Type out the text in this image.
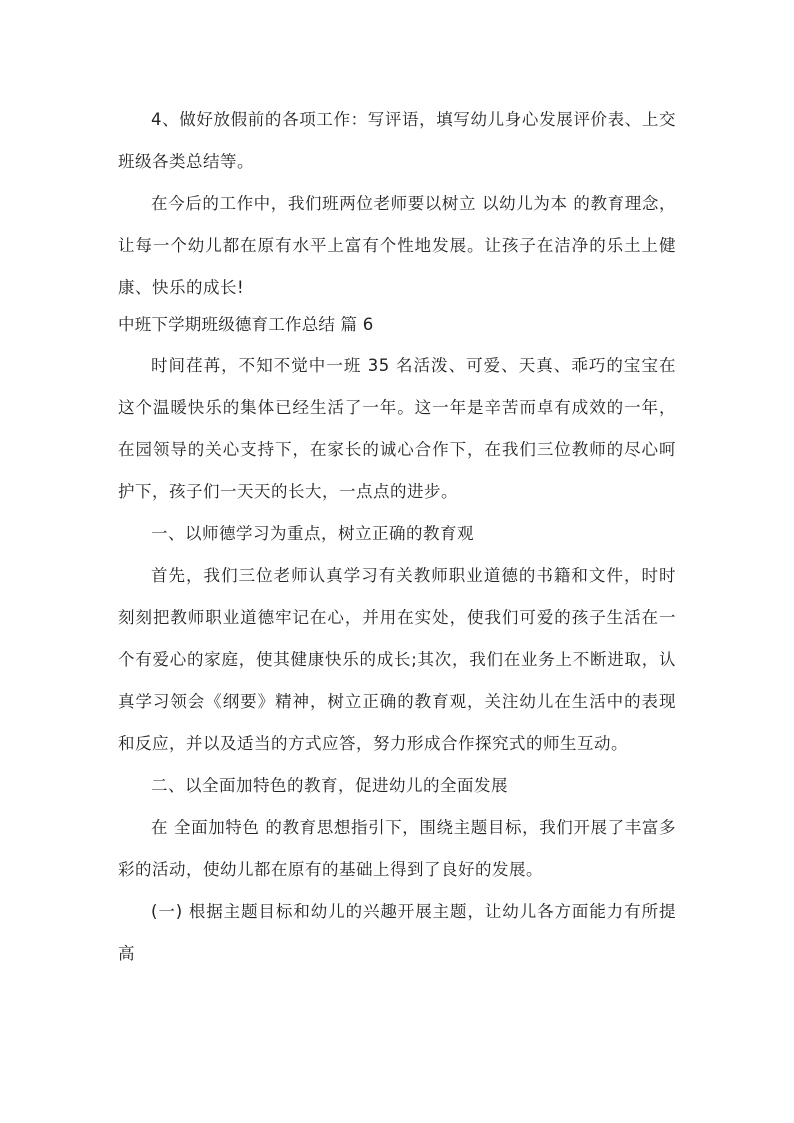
4、做好放假前的各项工作：写评语，填写幼儿身心发展评价表、上交班级各类总结等。

在今后的工作中，我们班两位老师要以树立 以幼儿为本 的教育理念，让每一个幼儿都在原有水平上富有个性地发展。让孩子在洁净的乐土上健康、快乐的成长!

中班下学期班级德育工作总结 篇 6

时间荏苒，不知不觉中一班 35 名活泼、可爱、天真、乖巧的宝宝在这个温暖快乐的集体已经生活了一年。这一年是辛苦而卓有成效的一年，在园领导的关心支持下，在家长的诚心合作下，在我们三位教师的尽心呵护下，孩子们一天天的长大，一点点的进步。

一、以师德学习为重点，树立正确的教育观

首先，我们三位老师认真学习有关教师职业道德的书籍和文件，时时刻刻把教师职业道德牢记在心，并用在实处，使我们可爱的孩子生活在一个有爱心的家庭，使其健康快乐的成长;其次，我们在业务上不断进取，认真学习领会《纲要》精神，树立正确的教育观，关注幼儿在生活中的表现和反应，并以及适当的方式应答，努力形成合作探究式的师生互动。

二、以全面加特色的教育，促进幼儿的全面发展

在 全面加特色 的教育思想指引下，围绕主题目标，我们开展了丰富多彩的活动，使幼儿都在原有的基础上得到了良好的发展。

(一) 根据主题目标和幼儿的兴趣开展主题，让幼儿各方面能力有所提高
